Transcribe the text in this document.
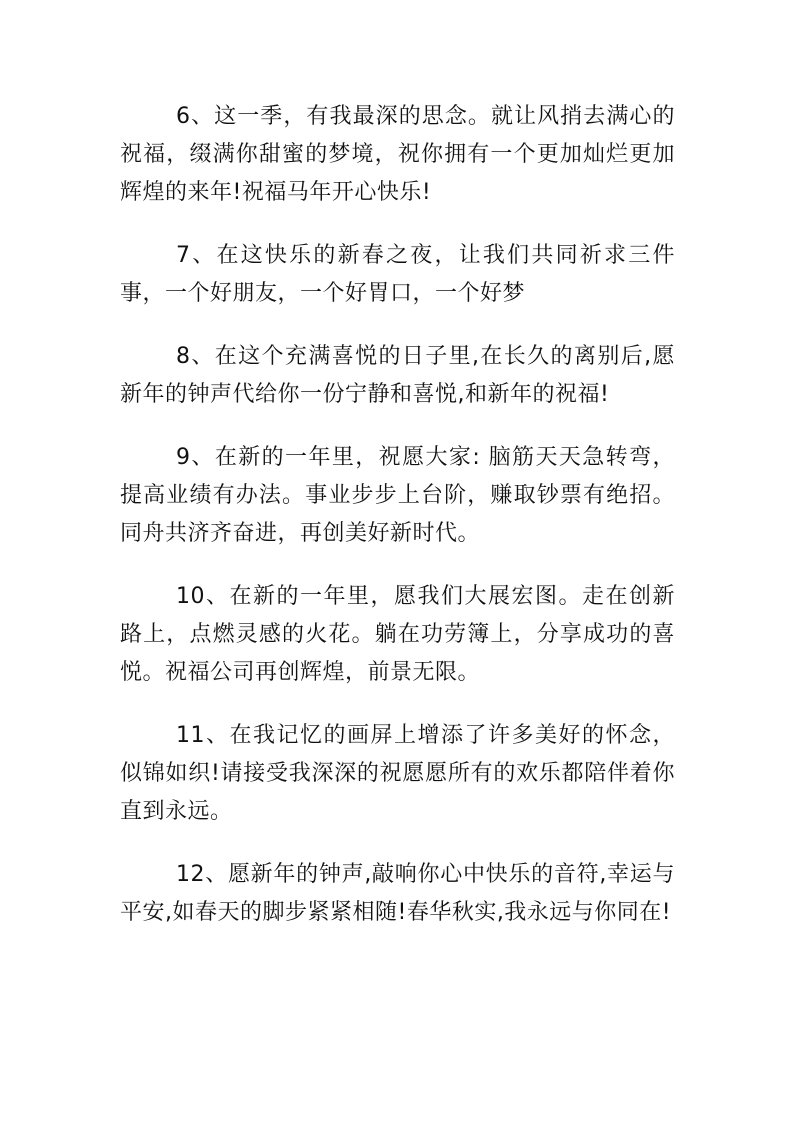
6、这一季，有我最深的思念。就让风捎去满心的祝福，缀满你甜蜜的梦境，祝你拥有一个更加灿烂更加辉煌的来年!祝福马年开心快乐!

7、在这快乐的新春之夜，让我们共同祈求三件事，一个好朋友，一个好胃口，一个好梦

8、在这个充满喜悦的日子里,在长久的离别后,愿新年的钟声代给你一份宁静和喜悦,和新年的祝福!

9、在新的一年里，祝愿大家: 脑筋天天急转弯，提高业绩有办法。事业步步上台阶，赚取钞票有绝招。同舟共济齐奋进，再创美好新时代。

10、在新的一年里，愿我们大展宏图。走在创新路上，点燃灵感的火花。躺在功劳簿上，分享成功的喜悦。祝福公司再创辉煌，前景无限。

11、在我记忆的画屏上增添了许多美好的怀念，似锦如织!请接受我深深的祝愿愿所有的欢乐都陪伴着你直到永远。

12、愿新年的钟声,敲响你心中快乐的音符,幸运与平安,如春天的脚步紧紧相随!春华秋实,我永远与你同在!
